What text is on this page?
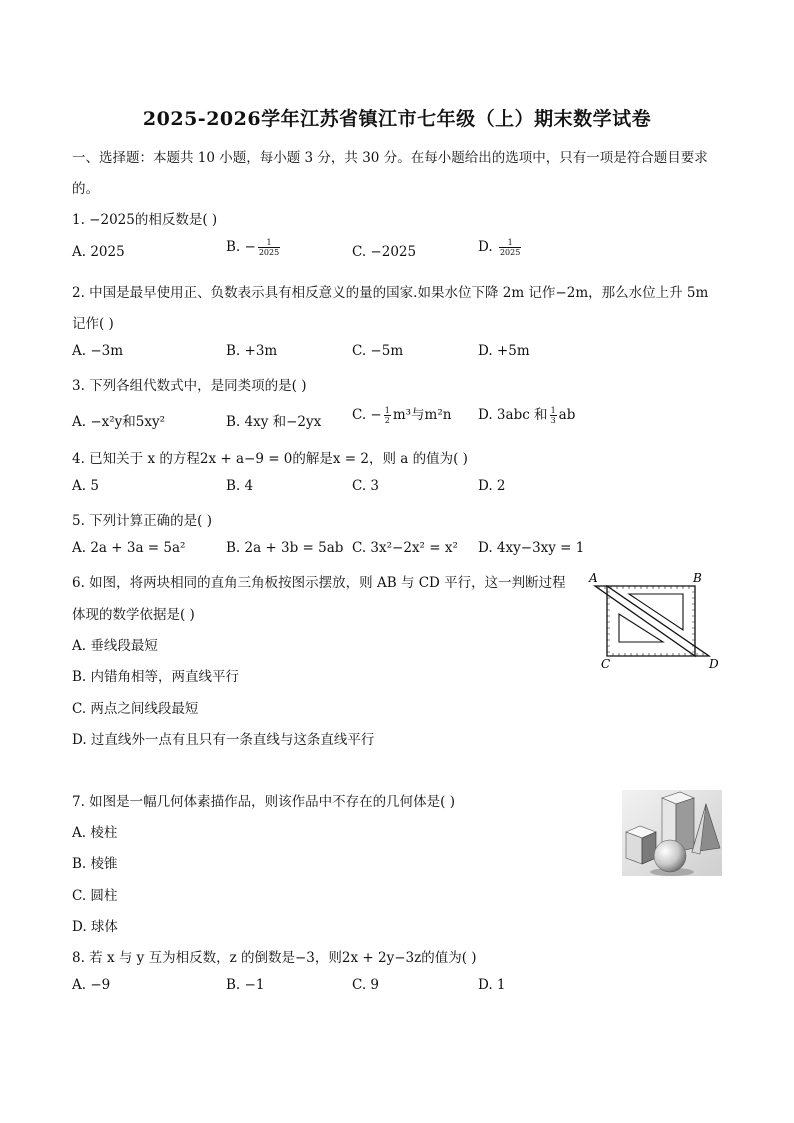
2025-2026学年江苏省镇江市七年级（上）期末数学试卷
一、选择题：本题共 10 小题，每小题 3 分，共 30 分。在每小题给出的选项中，只有一项是符合题目要求
的。
1. −2025的相反数是( )
A. 2025	B. − $\frac{1}{2025}$	C. −2025	D. $\frac{1}{2025}$
2. 中国是最早使用正、负数表示具有相反意义的量的国家.如果水位下降 2m 记作−2m，那么水位上升 5m
记作( )
A. −3m	B. +3m	C. −5m	D. +5m
3. 下列各组代数式中，是同类项的是( )
A. −x²y和5xy²	B. 4xy 和−2yx C. − $\frac{1}{2} m^3$与m²n D. 3abc 和 $\frac{1}{3}$ ab
4. 已知关于 x 的方程2x + a−9 = 0的解是x = 2，则 a 的值为( )
A. 5	B. 4	C. 3	D. 2
5. 下列计算正确的是( )
A. 2a + 3a = 5a²	B. 2a + 3b = 5ab C. 3x²−2x² = x² D. 4xy−3xy = 1
6. 如图，将两块相同的直角三角板按图示摆放，则 AB 与 CD 平行，这一判断过程
体现的数学依据是( )
A. 垂线段最短
B. 内错角相等，两直线平行
C. 两点之间线段最短
D. 过直线外一点有且只有一条直线与这条直线平行
A	B
C	D
7. 如图是一幅几何体素描作品，则该作品中不存在的几何体是( )
A. 棱柱
B. 棱锥
C. 圆柱
D. 球体
8. 若 x 与 y 互为相反数，z 的倒数是−3，则2x + 2y−3z的值为( )
A. −9	B. −1	C. 9	D. 1
